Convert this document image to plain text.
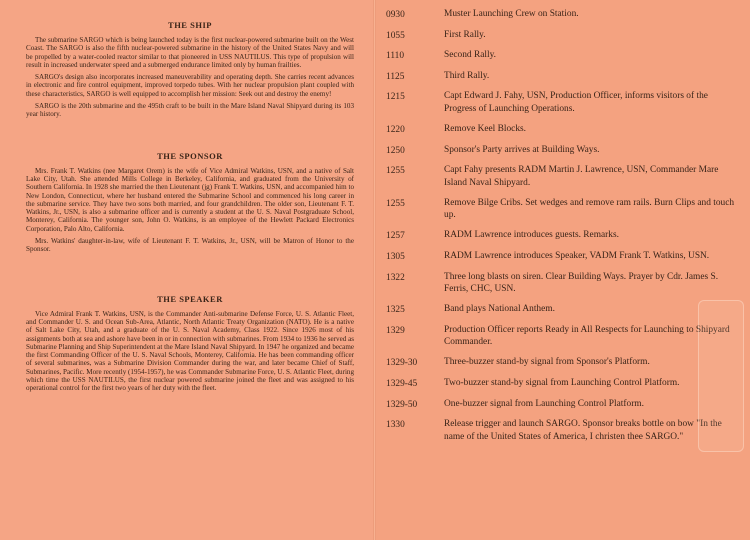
THE SHIP

The submarine SARGO which is being launched today is the first nuclear-powered submarine built on the West Coast. The SARGO is also the fifth nuclear-powered submarine in the history of the United States Navy and will be propelled by a water-cooled reactor similar to that pioneered in USS NAUTILUS. This type of propulsion will result in increased underwater speed and a submerged endurance limited only by human frailties.

SARGO's design also incorporates increased maneuverability and operating depth. She carries recent advances in electronic and fire control equipment, improved torpedo tubes. With her nuclear propulsion plant coupled with these characteristics, SARGO is well equipped to accomplish her mission: Seek out and destroy the enemy!

SARGO is the 20th submarine and the 495th craft to be built in the Mare Island Naval Shipyard during its 103 year history.

THE SPONSOR

Mrs. Frank T. Watkins (nee Margaret Orem) is the wife of Vice Admiral Watkins, USN, and a native of Salt Lake City, Utah. She attended Mills College in Berkeley, California, and graduated from the University of Southern California. In 1928 she married the then Lieutenant (jg) Frank T. Watkins, USN, and accompanied him to New London, Connecticut, where her husband entered the Submarine School and commenced his long career in the submarine service. They have two sons both married, and four grandchildren. The older son, Lieutenant F. T. Watkins, Jr., USN, is also a submarine officer and is currently a student at the U. S. Naval Postgraduate School, Monterey, California. The younger son, John O. Watkins, is an employee of the Hewlett Packard Electronics Corporation, Palo Alto, California.

Mrs. Watkins' daughter-in-law, wife of Lieutenant F. T. Watkins, Jr., USN, will be Matron of Honor to the Sponsor.

THE SPEAKER

Vice Admiral Frank T. Watkins, USN, is the Commander Anti-submarine Defense Force, U. S. Atlantic Fleet, and Commander U. S. and Ocean Sub-Area, Atlantic, North Atlantic Treaty Organization (NATO). He is a native of Salt Lake City, Utah, and a graduate of the U. S. Naval Academy, Class 1922. Since 1926 most of his assignments both at sea and ashore have been in or in connection with submarines. From 1934 to 1936 he served as Submarine Planning and Ship Superintendent at the Mare Island Naval Shipyard. In 1947 he organized and became the first Commanding Officer of the U. S. Naval Schools, Monterey, California. He has been commanding officer of several submarines, was a Submarine Division Commander during the war, and later became Chief of Staff, Submarines, Pacific. More recently (1954-1957), he was Commander Submarine Force, U. S. Atlantic Fleet, during which time the USS NAUTILUS, the first nuclear powered submarine joined the fleet and was assigned to his operational control for the first two years of her duty with the fleet.

0930	Muster Launching Crew on Station.
1055	First Rally.
1110	Second Rally.
1125	Third Rally.
1215	Capt Edward J. Fahy, USN, Production Officer, informs visitors of the Progress of Launching Operations.
1220	Remove Keel Blocks.
1250	Sponsor's Party arrives at Building Ways.
1255	Capt Fahy presents RADM Martin J. Lawrence, USN, Commander Mare Island Naval Shipyard.
1255	Remove Bilge Cribs. Set wedges and remove ram rails. Burn Clips and touch up.
1257	RADM Lawrence introduces guests. Remarks.
1305	RADM Lawrence introduces Speaker, VADM Frank T. Watkins, USN.
1322	Three long blasts on siren. Clear Building Ways. Prayer by Cdr. James S. Ferris, CHC, USN.
1325	Band plays National Anthem.
1329	Production Officer reports Ready in All Respects for Launching to Shipyard Commander.
1329-30	Three-buzzer stand-by signal from Sponsor's Platform.
1329-45	Two-buzzer stand-by signal from Launching Control Platform.
1329-50	One-buzzer signal from Launching Control Platform.
1330	Release trigger and launch SARGO. Sponsor breaks bottle on bow "In the name of the United States of America, I christen thee SARGO."
